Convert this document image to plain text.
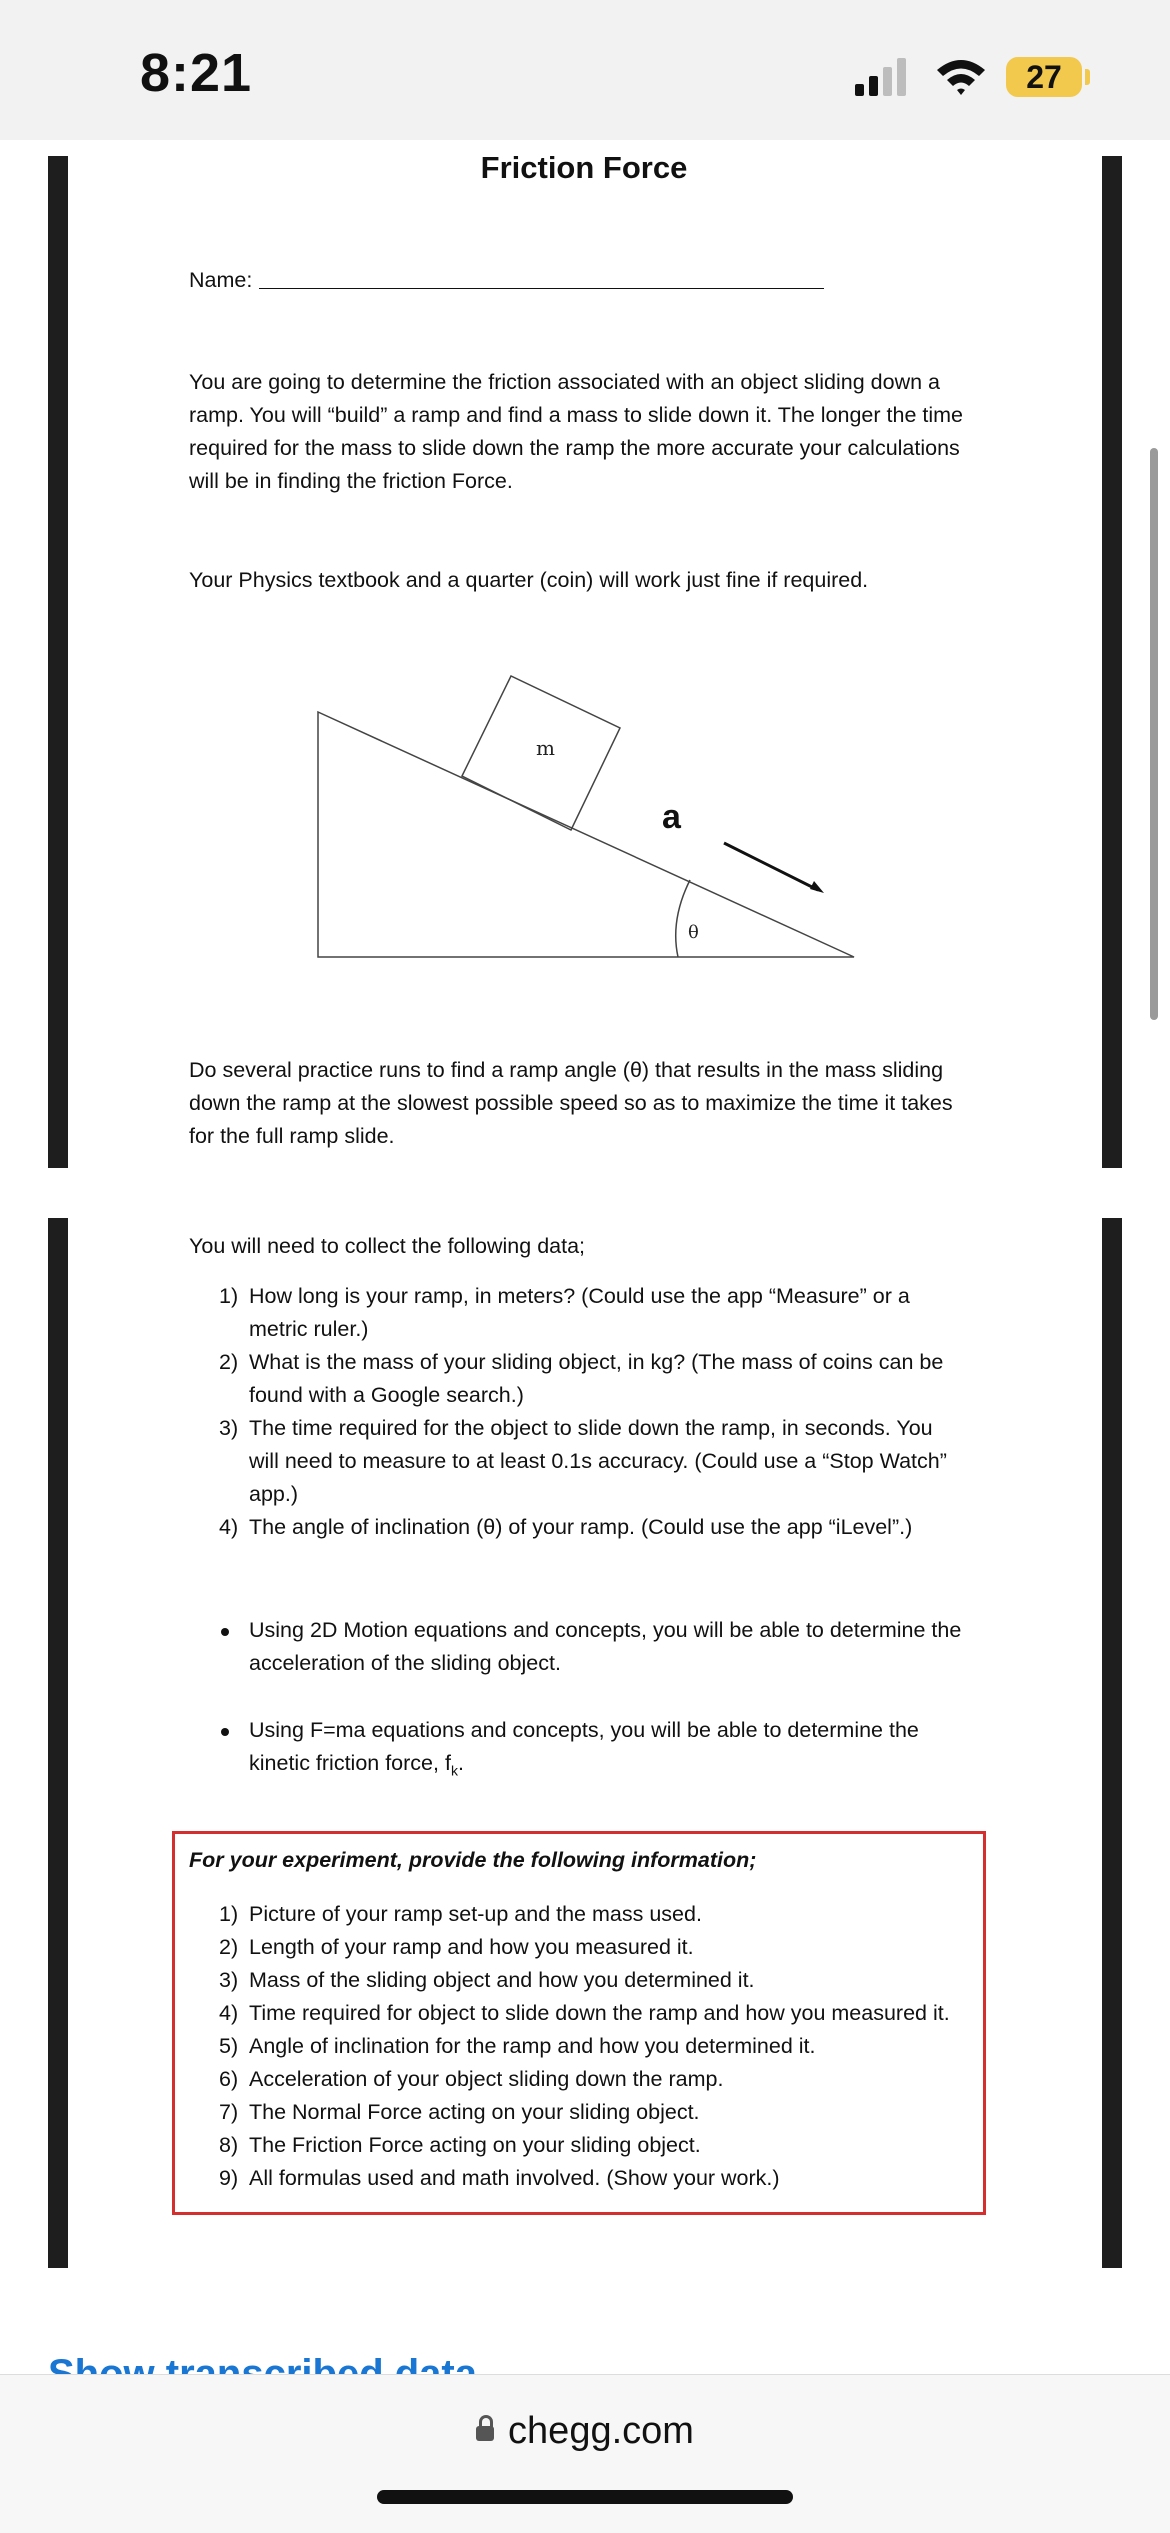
8:21	27
Friction Force
Name:
You are going to determine the friction associated with an object sliding down a ramp. You will “build” a ramp and find a mass to slide down it. The longer the time required for the mass to slide down the ramp the more accurate your calculations will be in finding the friction Force.
Your Physics textbook and a quarter (coin) will work just fine if required.
m
a
θ
Do several practice runs to find a ramp angle (θ) that results in the mass sliding down the ramp at the slowest possible speed so as to maximize the time it takes for the full ramp slide.
You will need to collect the following data;
1) How long is your ramp, in meters? (Could use the app “Measure” or a metric ruler.)
2) What is the mass of your sliding object, in kg? (The mass of coins can be found with a Google search.)
3) The time required for the object to slide down the ramp, in seconds. You will need to measure to at least 0.1s accuracy. (Could use a “Stop Watch” app.)
4) The angle of inclination (θ) of your ramp. (Could use the app “iLevel”.)
Using 2D Motion equations and concepts, you will be able to determine the acceleration of the sliding object.
Using F=ma equations and concepts, you will be able to determine the kinetic friction force, $f_k$.
For your experiment, provide the following information;
1) Picture of your ramp set-up and the mass used.
2) Length of your ramp and how you measured it.
3) Mass of the sliding object and how you determined it.
4) Time required for object to slide down the ramp and how you measured it.
5) Angle of inclination for the ramp and how you determined it.
6) Acceleration of your object sliding down the ramp.
7) The Normal Force acting on your sliding object.
8) The Friction Force acting on your sliding object.
9) All formulas used and math involved. (Show your work.)
chegg.com
